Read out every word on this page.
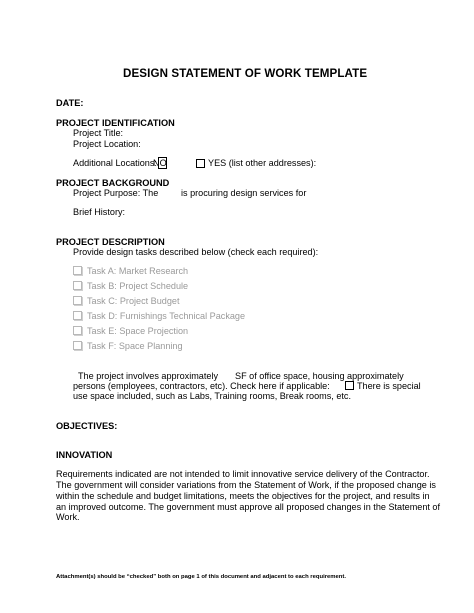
DESIGN STATEMENT OF WORK TEMPLATE
DATE:
PROJECT IDENTIFICATION
Project Title:
Project Location:
Additional Locations:
NO	YES (list other addresses):
PROJECT BACKGROUND
Project Purpose: The is procuring design services for
Brief History:
PROJECT DESCRIPTION
Provide design tasks described below (check each required):
Task A: Market Research
Task B: Project Schedule
Task C: Project Budget
Task D: Furnishings Technical Package
Task E: Space Projection
Task F: Space Planning
The project involves approximately SF of office space, housing approximately
persons (employees, contractors, etc). Check here if applicable:	There is special
use space included, such as Labs, Training rooms, Break rooms, etc.
OBJECTIVES:
INNOVATION
Requirements indicated are not intended to limit innovative service delivery of the Contractor.
The government will consider variations from the Statement of Work, if the proposed change is
within the schedule and budget limitations, meets the objectives for the project, and results in
an improved outcome. The government must approve all proposed changes in the Statement of
Work.
Attachment(s) should be “checked” both on page 1 of this document and adjacent to each requirement.
